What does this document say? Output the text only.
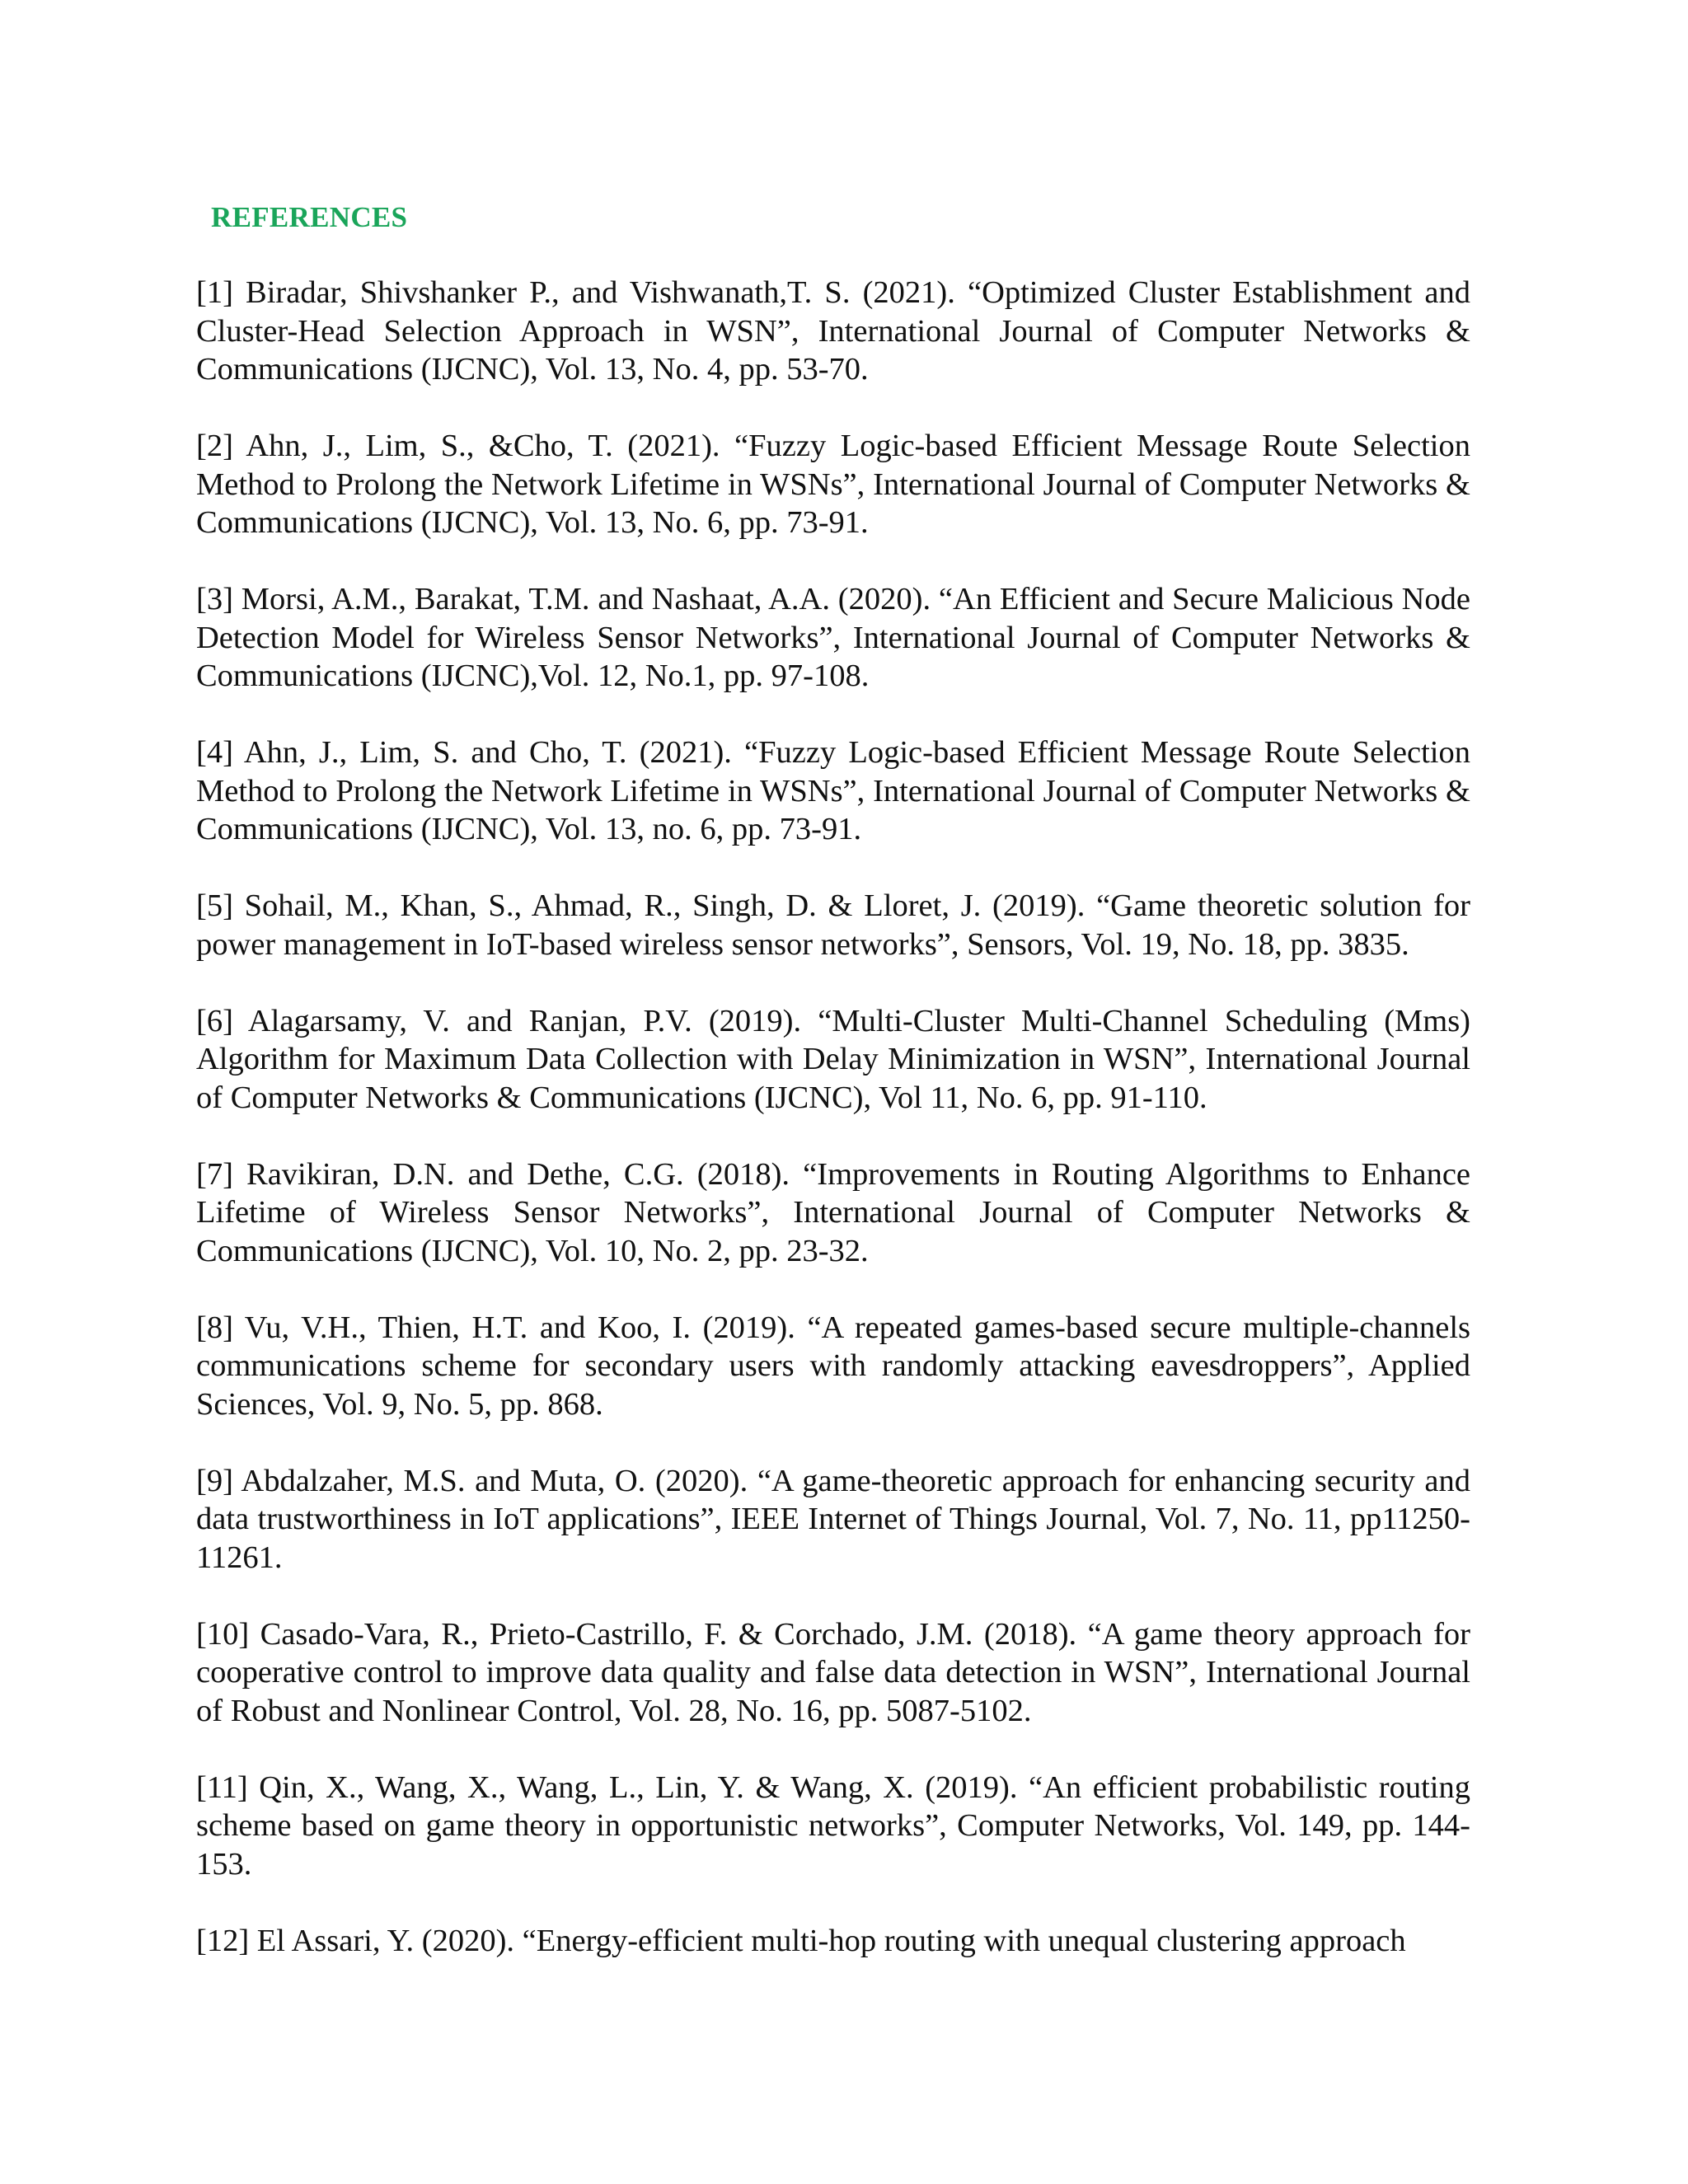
REFERENCES
[1] Biradar, Shivshanker P., and Vishwanath,T. S. (2021). “Optimized Cluster Establishment and Cluster-Head Selection Approach in WSN”, International Journal of Computer Networks & Communications (IJCNC), Vol. 13, No. 4, pp. 53-70.
[2] Ahn, J., Lim, S., &Cho, T. (2021). “Fuzzy Logic-based Efficient Message Route Selection Method to Prolong the Network Lifetime in WSNs”, International Journal of Computer Networks & Communications (IJCNC), Vol. 13, No. 6, pp. 73-91.
[3] Morsi, A.M., Barakat, T.M. and Nashaat, A.A. (2020). “An Efficient and Secure Malicious Node Detection Model for Wireless Sensor Networks”, International Journal of Computer Networks & Communications (IJCNC),Vol. 12, No.1, pp. 97-108.
[4] Ahn, J., Lim, S. and Cho, T. (2021). “Fuzzy Logic-based Efficient Message Route Selection Method to Prolong the Network Lifetime in WSNs”, International Journal of Computer Networks & Communications (IJCNC), Vol. 13, no. 6, pp. 73-91.
[5] Sohail, M., Khan, S., Ahmad, R., Singh, D. & Lloret, J. (2019). “Game theoretic solution for power management in IoT-based wireless sensor networks”, Sensors, Vol. 19, No. 18, pp. 3835.
[6] Alagarsamy, V. and Ranjan, P.V. (2019). “Multi-Cluster Multi-Channel Scheduling (Mms) Algorithm for Maximum Data Collection with Delay Minimization in WSN”, International Journal of Computer Networks & Communications (IJCNC), Vol 11, No. 6, pp. 91-110.
[7] Ravikiran, D.N. and Dethe, C.G. (2018). “Improvements in Routing Algorithms to Enhance Lifetime of Wireless Sensor Networks”, International Journal of Computer Networks & Communications (IJCNC), Vol. 10, No. 2, pp. 23-32.
[8] Vu, V.H., Thien, H.T. and Koo, I. (2019). “A repeated games-based secure multiple-channels communications scheme for secondary users with randomly attacking eavesdroppers”, Applied Sciences, Vol. 9, No. 5, pp. 868.
[9] Abdalzaher, M.S. and Muta, O. (2020). “A game-theoretic approach for enhancing security and data trustworthiness in IoT applications”, IEEE Internet of Things Journal, Vol. 7, No. 11, pp11250- 11261.
[10] Casado-Vara, R., Prieto-Castrillo, F. & Corchado, J.M. (2018). “A game theory approach for cooperative control to improve data quality and false data detection in WSN”, International Journal of Robust and Nonlinear Control, Vol. 28, No. 16, pp. 5087-5102.
[11] Qin, X., Wang, X., Wang, L., Lin, Y. & Wang, X. (2019). “An efficient probabilistic routing scheme based on game theory in opportunistic networks”, Computer Networks, Vol. 149, pp. 144-153.
[12] El Assari, Y. (2020). “Energy-efficient multi-hop routing with unequal clustering approach
